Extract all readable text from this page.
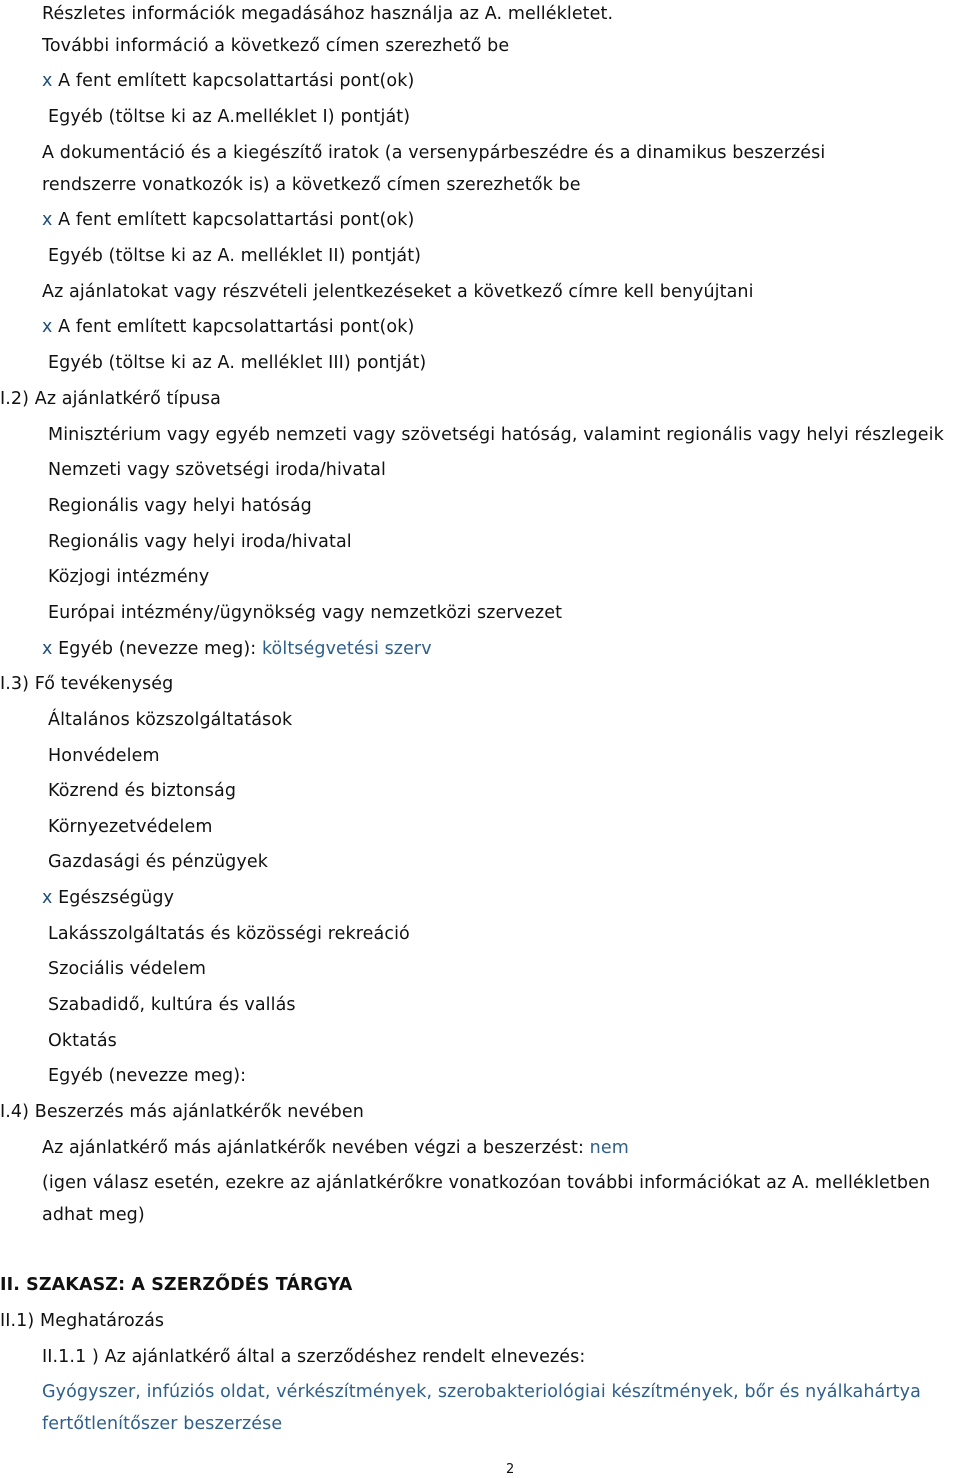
Részletes információk megadásához használja az A. mellékletet.
További információ a következő címen szerezhető be
x A fent említett kapcsolattartási pont(ok)
Egyéb (töltse ki az A.melléklet I) pontját)
A dokumentáció és a kiegészítő iratok (a versenypárbeszédre és a dinamikus beszerzési
rendszerre vonatkozók is) a következő címen szerezhetők be
x A fent említett kapcsolattartási pont(ok)
Egyéb (töltse ki az A. melléklet II) pontját)
Az ajánlatokat vagy részvételi jelentkezéseket a következő címre kell benyújtani
x A fent említett kapcsolattartási pont(ok)
Egyéb (töltse ki az A. melléklet III) pontját)
I.2) Az ajánlatkérő típusa
Minisztérium vagy egyéb nemzeti vagy szövetségi hatóság, valamint regionális vagy helyi részlegeik
Nemzeti vagy szövetségi iroda/hivatal
Regionális vagy helyi hatóság
Regionális vagy helyi iroda/hivatal
Közjogi intézmény
Európai intézmény/ügynökség vagy nemzetközi szervezet
x Egyéb (nevezze meg): költségvetési szerv
I.3) Fő tevékenység
Általános közszolgáltatások
Honvédelem
Közrend és biztonság
Környezetvédelem
Gazdasági és pénzügyek
x Egészségügy
Lakásszolgáltatás és közösségi rekreáció
Szociális védelem
Szabadidő, kultúra és vallás
Oktatás
Egyéb (nevezze meg):
I.4) Beszerzés más ajánlatkérők nevében
Az ajánlatkérő más ajánlatkérők nevében végzi a beszerzést: nem
(igen válasz esetén, ezekre az ajánlatkérőkre vonatkozóan további információkat az A. mellékletben
adhat meg)
II. SZAKASZ: A SZERZŐDÉS TÁRGYA
II.1) Meghatározás
II.1.1 ) Az ajánlatkérő által a szerződéshez rendelt elnevezés:
Gyógyszer, infúziós oldat, vérkészítmények, szerobakteriológiai készítmények, bőr és nyálkahártya
fertőtlenítőszer beszerzése
2
